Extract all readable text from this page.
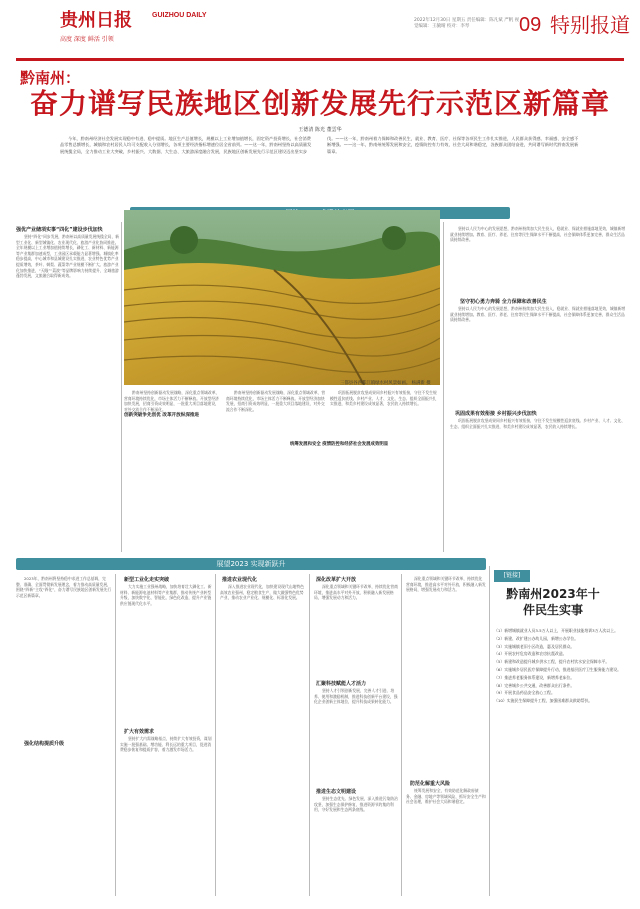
贵州日报	GUIZHOU DAILY
高度 深度 鲜活 引领
2022年12月30日 星期五 责任编辑：陈凡斌 严帆 视觉编辑：王毓晴 校对：李琴	09 特别报道
黔南州：
奋力谱写民族地区创新发展先行示范区新篇章
王德清 陈光 董雲华
今年，黔南州经济社会发展实现稳中有进、稳中提质。地区生产总值增长，规模以上工业增加值增长，固定资产投资增长，社会消费品零售总额增长，城镇和农村居民人均可支配收入分别增长，各项主要经济指标增速位居全省前列。——这一年，黔南州坚持以高质量发展统揽全局，全力推动工业大突破，乡村振兴、大数据、大生态、大旅游深度融合发展，民族地区创新发展先行示范区建设迈出坚实步伐。——这一年，黔南州着力保障和改善民生，就业、教育、医疗、社保等各项民生工作扎实推进，人民群众获得感、幸福感、安全感不断增强。——这一年，黔南州统筹发展和安全，疫情防控有力有效，社会大局和谐稳定，各族群众团结奋进，共同谱写新时代黔南发展新篇章。
强优产业储项实事“四化”建设步伐加快
坚持“四化”同步发展，黔南州以高质量发展统揽全局，新型工业化、新型城镇化、农业现代化、旅游产业化协同推进。全年规模以上工业增加值持续增长，磷化工、新材料、新能源等产业集群加速成型，工业园区承载能力显著增强。城镇化率稳步提高，中心城市和县城建设扎实推进，农业特色优势产业提质增效，茶叶、刺梨、蔬菜等产业规模不断扩大。旅游产业化加快推进，“天眼”“荔波”等品牌影响力持续提升，全域旅游蓬勃发展，文旅融合取得新成效。
三都县谷西都江镇绿水村风景如画。 杨满新 摄
坚持以人民为中心的发展思想，黔南州持续加大民生投入，稳就业、保就业措施落地见效，城镇新增就业持续增加。教育、医疗、养老、住房等民生保障水平不断提高，社会保障体系更加完善，群众生活品质持续改善。
坚守初心勇力奔骑 全力保障和改善民生
坚持以人民为中心的发展思想，黔南州持续加大民生投入，稳就业、保就业措施落地见效，城镇新增就业持续增加。教育、医疗、养老、住房等民生保障水平不断提高，社会保障体系更加完善，群众生活品质持续改善。
巩固成果有效衔接 乡村振兴步伐加快
巩固拓展脱贫攻坚成果同乡村振兴有效衔接，守住不发生规模性返贫底线。乡村产业、人才、文化、生态、组织全面振兴扎实推进，和美乡村建设成效显著，农民收入持续增长。
黔南州坚持创新驱动发展战略，深化重点领域改革，营商环境持续优化，市场主体活力不断释放。开放型经济加快发展，招商引资成效明显，一批重大项目落地建设，对外交流合作不断深化。
创新突破争先创优 改革开放纵深推进
黔南州坚持创新驱动发展战略，深化重点领域改革，营商环境持续优化，市场主体活力不断释放。开放型经济加快发展，招商引资成效明显，一批重大项目落地建设，对外交流合作不断深化。
统筹发展和安全 疫情防控和经济社会发展成效明显
巩固拓展脱贫攻坚成果同乡村振兴有效衔接，守住不发生规模性返贫底线。乡村产业、人才、文化、生态、组织全面振兴扎实推进，和美乡村建设成效显著，农民收入持续增长。
展望2023 实现新跃升
2023年，黔南州将坚持稳中求进工作总基调，完整、准确、全面贯彻新发展理念，着力推动高质量发展，围绕“四新”主攻“四化”，奋力谱写民族地区创新发展先行示范区新篇章。
强化结构提质升级
新型工业化走实突破
大力实施工业强州战略，加快培育壮大磷化工、新材料、新能源电池材料等产业集群，推动传统产业转型升级，加快数字化、智能化、绿色化改造，提升产业链供应链现代化水平。
扩大有效需求
坚持扩大内需战略基点，持续扩大有效投资，谋划实施一批强基础、增功能、利长远的重大项目，促进消费稳步恢复和提质扩容，着力激发市场活力。
推进农业现代化
深入推进农业现代化，加快建设现代山地特色高效农业强州，稳定粮食生产，做大做强特色优势产业，推动农业产业化、规模化、标准化发展。
深化改革扩大开放
深化重点领域和关键环节改革，持续优化营商环境，推进高水平对外开放，积极融入新发展格局，增强发展动力和活力。
汇聚科技赋能人才活力
坚持人才引领创新发展，完善人才引进、培养、使用和激励机制，推进科技创新平台建设，强化企业创新主体地位，提升科技成果转化能力。
推进生态文明建设
坚持生态优先、绿色发展，深入推进污染防治攻坚，加强生态保护修复，推进资源节约集约利用，守好发展和生态两条底线。
深化重点领域和关键环节改革，持续优化营商环境，推进高水平对外开放，积极融入新发展格局，增强发展动力和活力。
防范化解重大风险
统筹发展和安全，有效防范化解政府债务、金融、房地产等领域风险，抓好安全生产和社会治理，维护社会大局和谐稳定。
[链接]
黔南州2023年十件民生实事

（1）新增城镇就业人员3.5万人以上，开展职业技能培训3万人次以上。

（2）新建、改扩建公办幼儿园，新增公办学位。

（3）实施城镇老旧小区改造，惠及居民群众。

（4）开展农村危房改造和农房抗震改造。

（5）新建和改造提升城乡供水工程，提升农村饮水安全保障水平。

（6）实施城乡居民医疗保障提升行动，推进基层医疗卫生服务能力建设。

（7）推进养老服务体系建设，新增养老床位。

（8）完善城乡公共交通，改善群众出行条件。

（9）开展食品药品安全放心工程。

（10）实施民生保障提升工程，加强困难群众救助帮扶。
